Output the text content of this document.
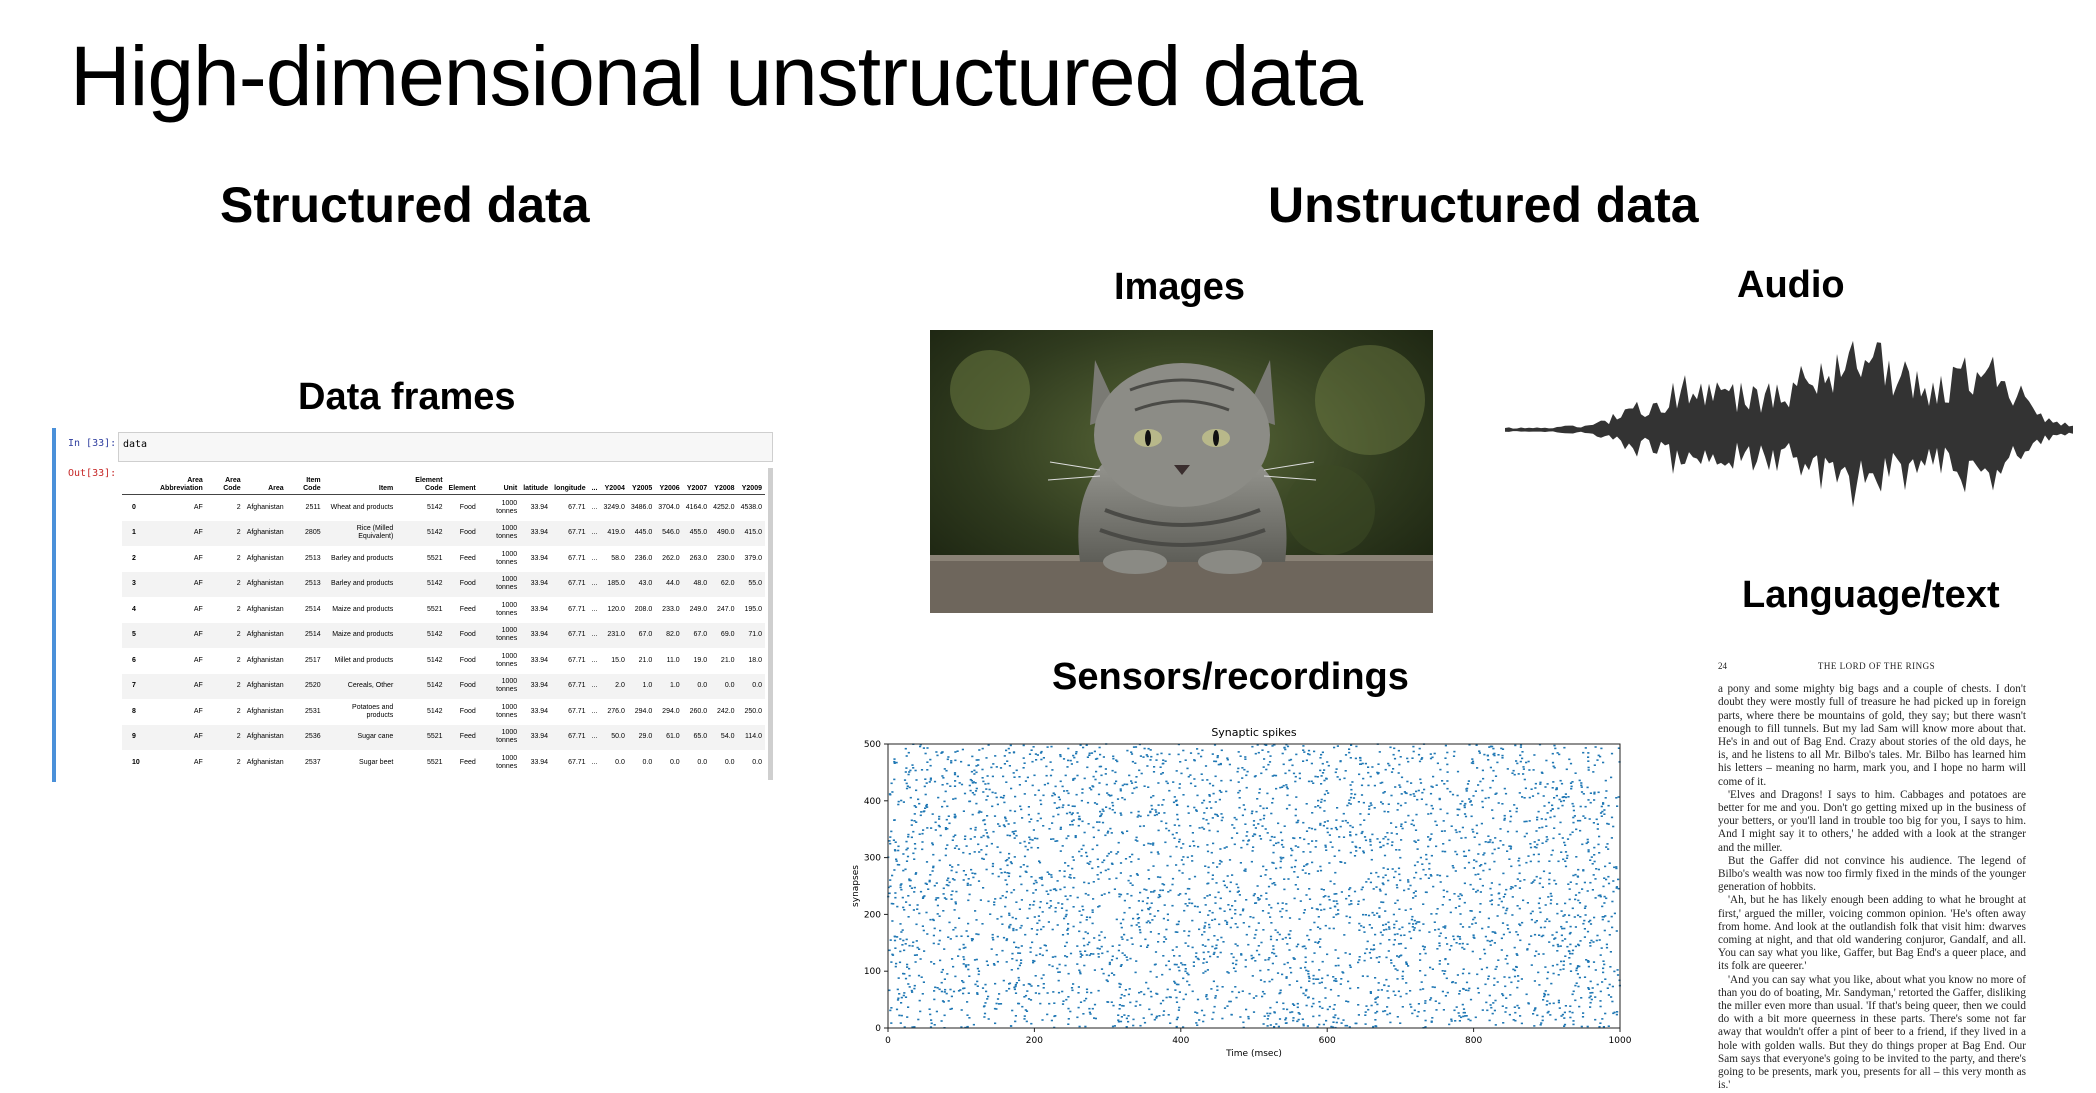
High-dimensional unstructured data
Structured data	Unstructured data
Data frames
Images	Audio
Language/text
Sensors/recordings
In [33]: data
Out[33]:
	Area Abbreviation	Area Code	Area	Item Code	Item	Element Code	Element	Unit	latitude	longitude	...	Y2004	Y2005	Y2006	Y2007	Y2008	Y2009
0	AF	2	Afghanistan	2511	Wheat and products	5142	Food	1000 tonnes	33.94	67.71	...	3249.0	3486.0	3704.0	4164.0	4252.0	4538.0
1	AF	2	Afghanistan	2805	Rice (Milled Equivalent)	5142	Food	1000 tonnes	33.94	67.71	...	419.0	445.0	546.0	455.0	490.0	415.0
2	AF	2	Afghanistan	2513	Barley and products	5521	Feed	1000 tonnes	33.94	67.71	...	58.0	236.0	262.0	263.0	230.0	379.0
3	AF	2	Afghanistan	2513	Barley and products	5142	Food	1000 tonnes	33.94	67.71	...	185.0	43.0	44.0	48.0	62.0	55.0
4	AF	2	Afghanistan	2514	Maize and products	5521	Feed	1000 tonnes	33.94	67.71	...	120.0	208.0	233.0	249.0	247.0	195.0
5	AF	2	Afghanistan	2514	Maize and products	5142	Food	1000 tonnes	33.94	67.71	...	231.0	67.0	82.0	67.0	69.0	71.0
6	AF	2	Afghanistan	2517	Millet and products	5142	Food	1000 tonnes	33.94	67.71	...	15.0	21.0	11.0	19.0	21.0	18.0
7	AF	2	Afghanistan	2520	Cereals, Other	5142	Food	1000 tonnes	33.94	67.71	...	2.0	1.0	1.0	0.0	0.0	0.0
8	AF	2	Afghanistan	2531	Potatoes and products	5142	Food	1000 tonnes	33.94	67.71	...	276.0	294.0	294.0	260.0	242.0	250.0
9	AF	2	Afghanistan	2536	Sugar cane	5521	Feed	1000 tonnes	33.94	67.71	...	50.0	29.0	61.0	65.0	54.0	114.0
10	AF	2	Afghanistan	2537	Sugar beet	5521	Feed	1000 tonnes	33.94	67.71	...	0.0	0.0	0.0	0.0	0.0	0.0
Synaptic spikes
0	200	400	600	800	1000
0
100
200
300
400
500
Time (msec)
synapses
24	THE LORD OF THE RINGS

a pony and some mighty big bags and a couple of chests. I don't doubt they were mostly full of treasure he had picked up in foreign parts, where there be mountains of gold, they say; but there wasn't enough to fill tunnels. But my lad Sam will know more about that. He's in and out of Bag End. Crazy about stories of the old days, he is, and he listens to all Mr. Bilbo's tales. Mr. Bilbo has learned him his letters – meaning no harm, mark you, and I hope no harm will come of it.

'Elves and Dragons! I says to him. Cabbages and potatoes are better for me and you. Don't go getting mixed up in the business of your betters, or you'll land in trouble too big for you, I says to him. And I might say it to others,' he added with a look at the stranger and the miller.

But the Gaffer did not convince his audience. The legend of Bilbo's wealth was now too firmly fixed in the minds of the younger generation of hobbits.

'Ah, but he has likely enough been adding to what he brought at first,' argued the miller, voicing common opinion. 'He's often away from home. And look at the outlandish folk that visit him: dwarves coming at night, and that old wandering conjuror, Gandalf, and all. You can say what you like, Gaffer, but Bag End's a queer place, and its folk are queerer.'

'And you can say what you like, about what you know no more of than you do of boating, Mr. Sandyman,' retorted the Gaffer, disliking the miller even more than usual. 'If that's being queer, then we could do with a bit more queerness in these parts. There's some not far away that wouldn't offer a pint of beer to a friend, if they lived in a hole with golden walls. But they do things proper at Bag End. Our Sam says that everyone's going to be invited to the party, and there's going to be presents, mark you, presents for all – this very month as is.'
